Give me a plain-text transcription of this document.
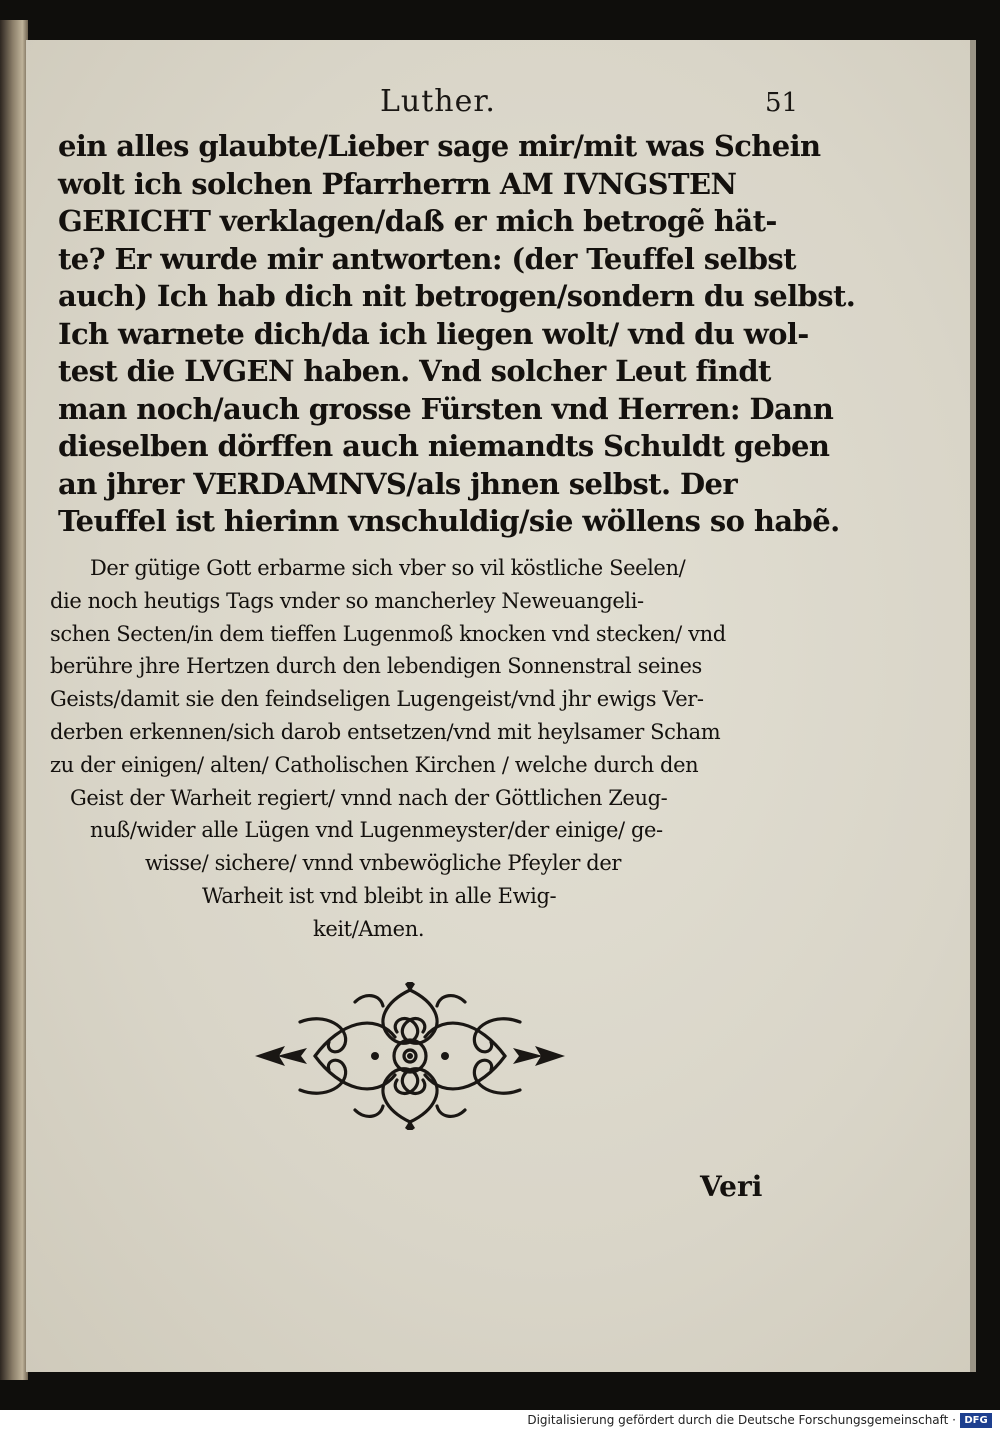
Luther.	51
ein alles glaubte/Lieber sage mir/mit was Schein
wolt ich solchen Pfarrherrn AM IVNGSTEN
GERICHT verklagen/daß er mich betrogẽ hät-
te? Er wurde mir antworten: (der Teuffel selbst
auch) Ich hab dich nit betrogen/sondern du selbst.
Ich warnete dich/da ich liegen wolt/ vnd du wol-
test die LVGEN haben. Vnd solcher Leut findt
man noch/auch grosse Fürsten vnd Herren: Dann
dieselben dörffen auch niemandts Schuldt geben
an jhrer VERDAMNVS/als jhnen selbst. Der
Teuffel ist hierinn vnschuldig/sie wöllens so habẽ.
Der gütige Gott erbarme sich vber so vil köstliche Seelen/
die noch heutigs Tags vnder so mancherley Neweuangeli-
schen Secten/in dem tieffen Lugenmoß knocken vnd stecken/ vnd
berühre jhre Hertzen durch den lebendigen Sonnenstral seines
Geists/damit sie den feindseligen Lugengeist/vnd jhr ewigs Ver-
derben erkennen/sich darob entsetzen/vnd mit heylsamer Scham
zu der einigen/ alten/ Catholischen Kirchen / welche durch den
Geist der Warheit regiert/ vnnd nach der Göttlichen Zeug-
nuß/wider alle Lügen vnd Lugenmeyster/der einige/ ge-
wisse/ sichere/ vnnd vnbewögliche Pfeyler der
Warheit ist vnd bleibt in alle Ewig-
keit/Amen.
Veri
Digitalisierung gefördert durch die Deutsche Forschungsgemeinschaft · DFG
